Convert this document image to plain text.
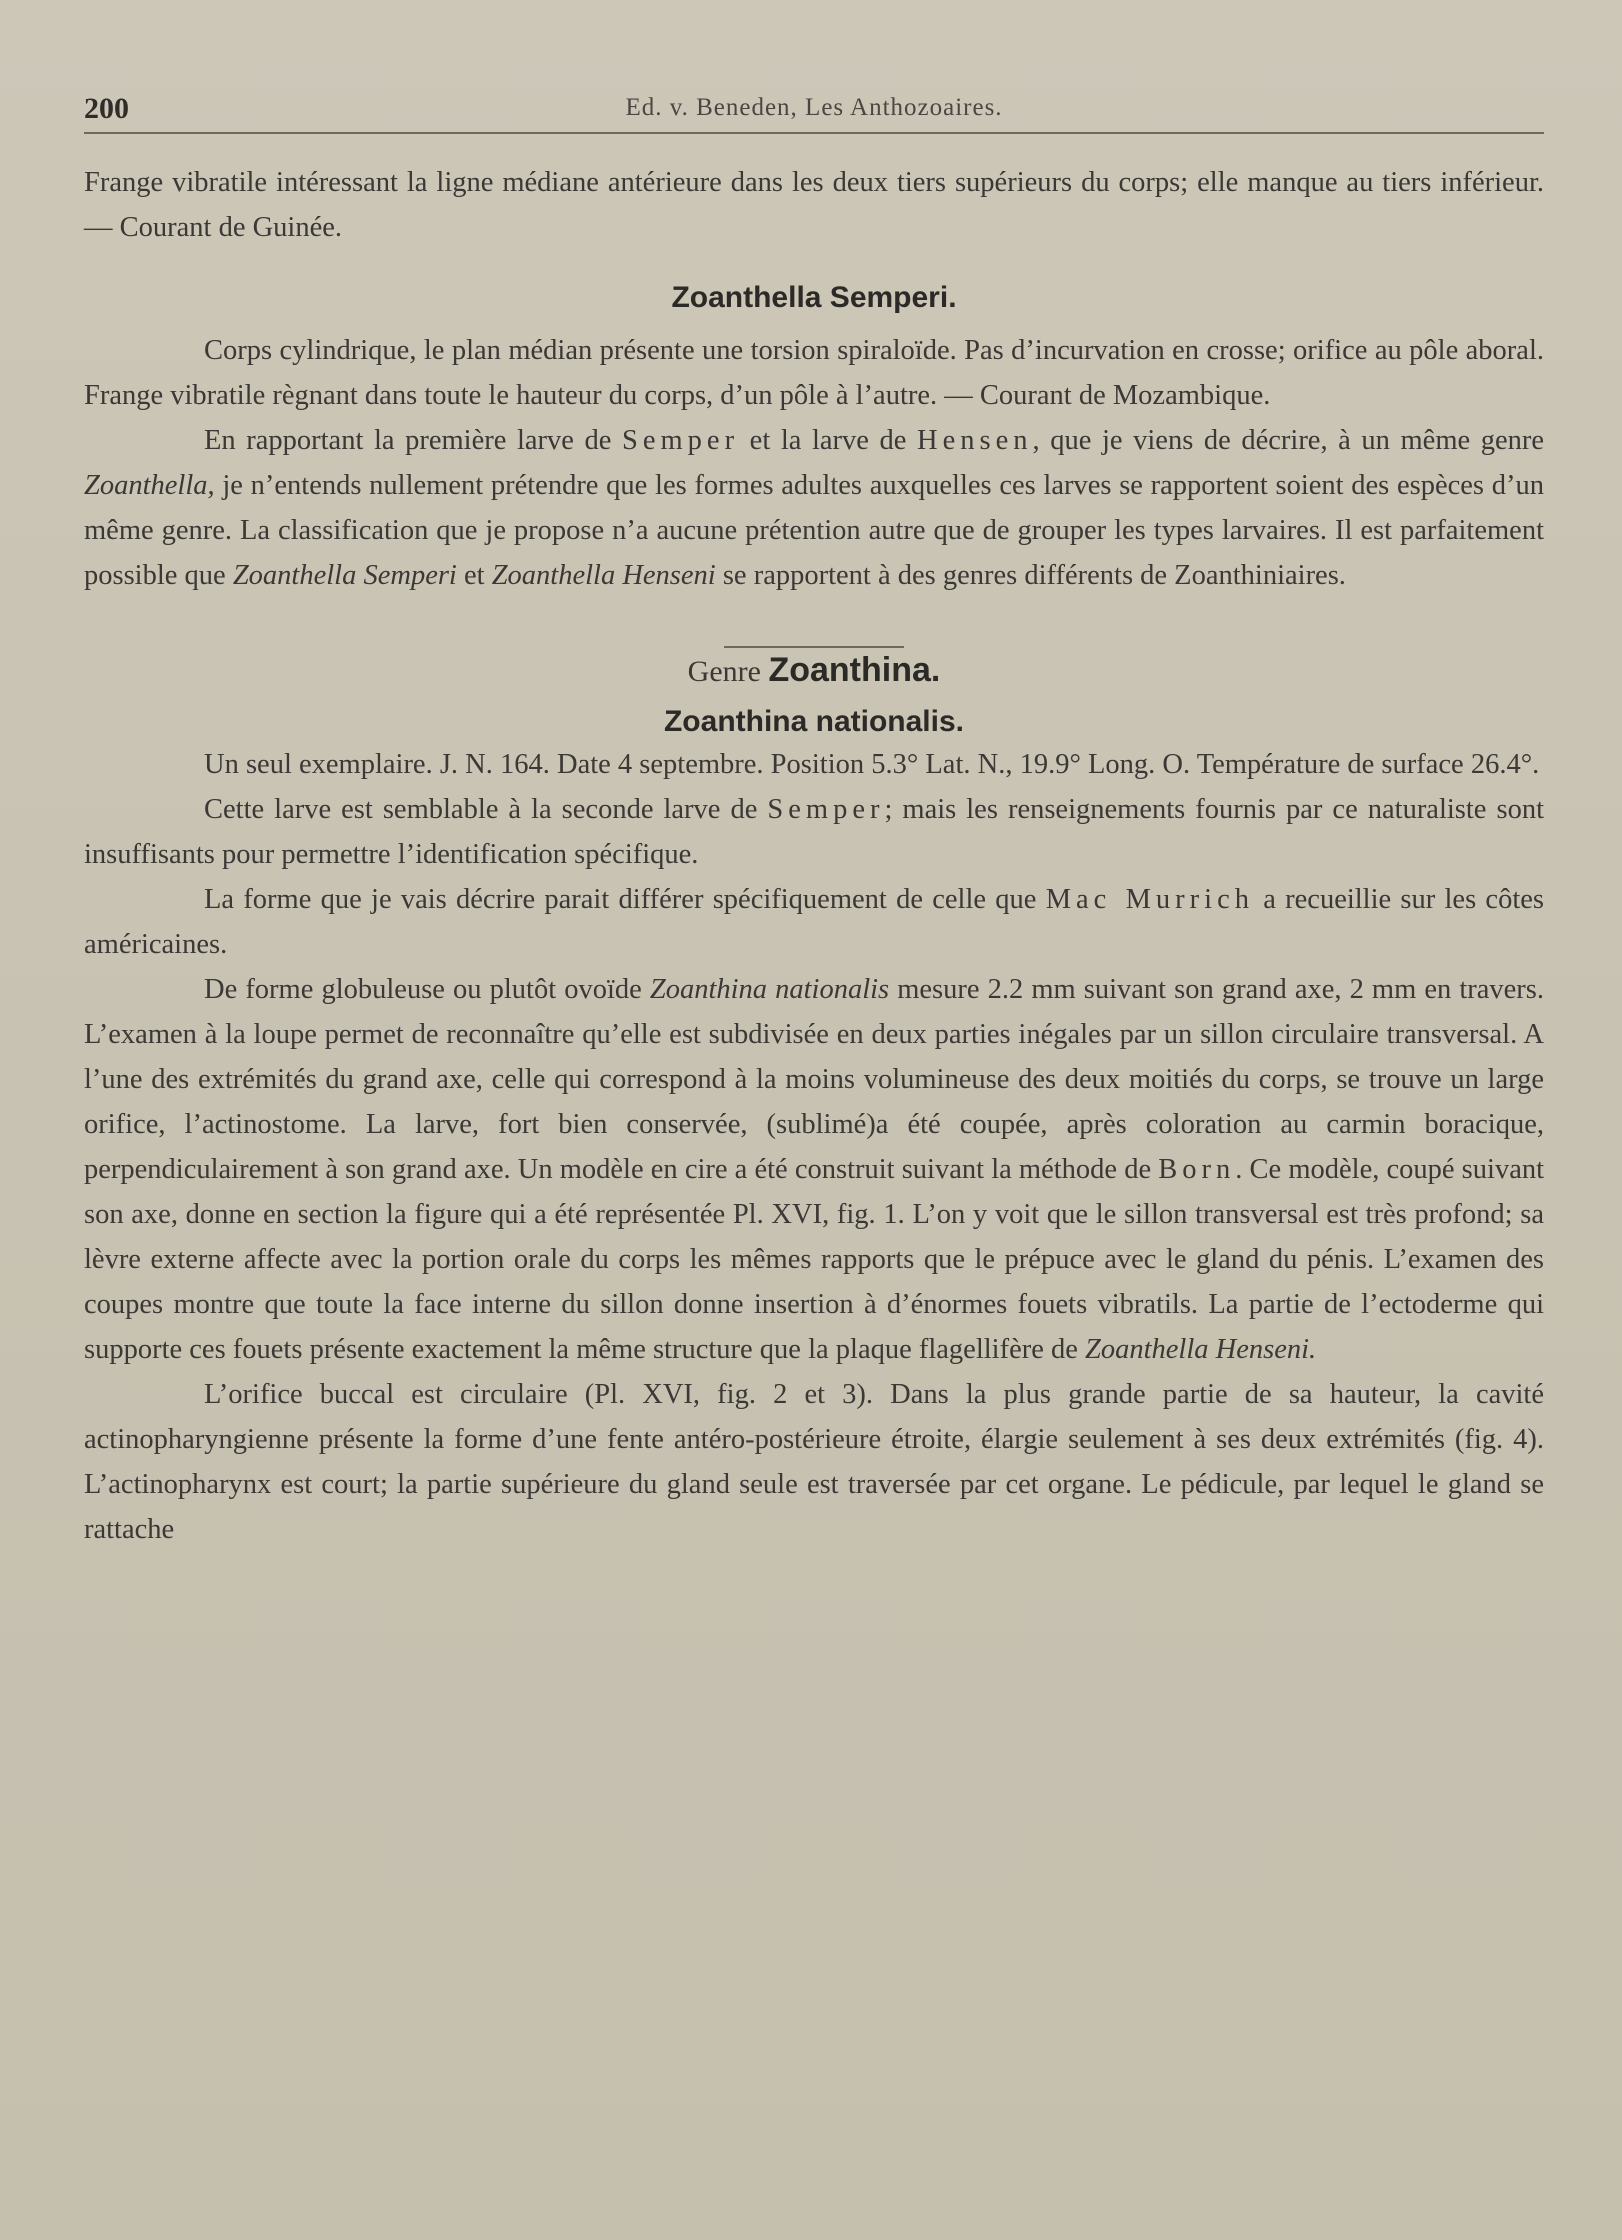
200	Ed. v. Beneden, Les Anthozoaires.

Frange vibratile intéressant la ligne médiane antérieure dans les deux tiers supérieurs du corps; elle manque au tiers inférieur. — Courant de Guinée.

Zoanthella Semperi.

Corps cylindrique, le plan médian présente une torsion spiraloïde. Pas d’incurvation en crosse; orifice au pôle aboral. Frange vibratile règnant dans toute le hauteur du corps, d’un pôle à l’autre. — Courant de Mozambique.

En rapportant la première larve de Semper et la larve de Hensen, que je viens de décrire, à un même genre Zoanthella, je n’entends nullement prétendre que les formes adultes auxquelles ces larves se rapportent soient des espèces d’un même genre. La classification que je propose n’a aucune prétention autre que de grouper les types larvaires. Il est parfaitement possible que Zoanthella Semperi et Zoanthella Henseni se rapportent à des genres différents de Zoanthiniaires.

Genre Zoanthina.

Zoanthina nationalis.

Un seul exemplaire. J. N. 164. Date 4 septembre. Position 5.3° Lat. N., 19.9° Long. O. Température de surface 26.4°.

Cette larve est semblable à la seconde larve de Semper; mais les renseignements fournis par ce naturaliste sont insuffisants pour permettre l’identification spécifique.

La forme que je vais décrire parait différer spécifiquement de celle que Mac Murrich a recueillie sur les côtes américaines.

De forme globuleuse ou plutôt ovoïde Zoanthina nationalis mesure 2.2 mm suivant son grand axe, 2 mm en travers. L’examen à la loupe permet de reconnaître qu’elle est subdivisée en deux parties inégales par un sillon circulaire transversal. A l’une des extrémités du grand axe, celle qui correspond à la moins volumineuse des deux moitiés du corps, se trouve un large orifice, l’actinostome. La larve, fort bien conservée, (sublimé)a été coupée, après coloration au carmin boracique, perpendiculairement à son grand axe. Un modèle en cire a été construit suivant la méthode de Born. Ce modèle, coupé suivant son axe, donne en section la figure qui a été représentée Pl. XVI, fig. 1. L’on y voit que le sillon transversal est très profond; sa lèvre externe affecte avec la portion orale du corps les mêmes rapports que le prépuce avec le gland du pénis. L’examen des coupes montre que toute la face interne du sillon donne insertion à d’énormes fouets vibratils. La partie de l’ectoderme qui supporte ces fouets présente exactement la même structure que la plaque flagellifère de Zoanthella Henseni.

L’orifice buccal est circulaire (Pl. XVI, fig. 2 et 3). Dans la plus grande partie de sa hauteur, la cavité actinopharyngienne présente la forme d’une fente antéro-postérieure étroite, élargie seulement à ses deux extrémités (fig. 4). L’actinopharynx est court; la partie supérieure du gland seule est traversée par cet organe. Le pédicule, par lequel le gland se rattache
